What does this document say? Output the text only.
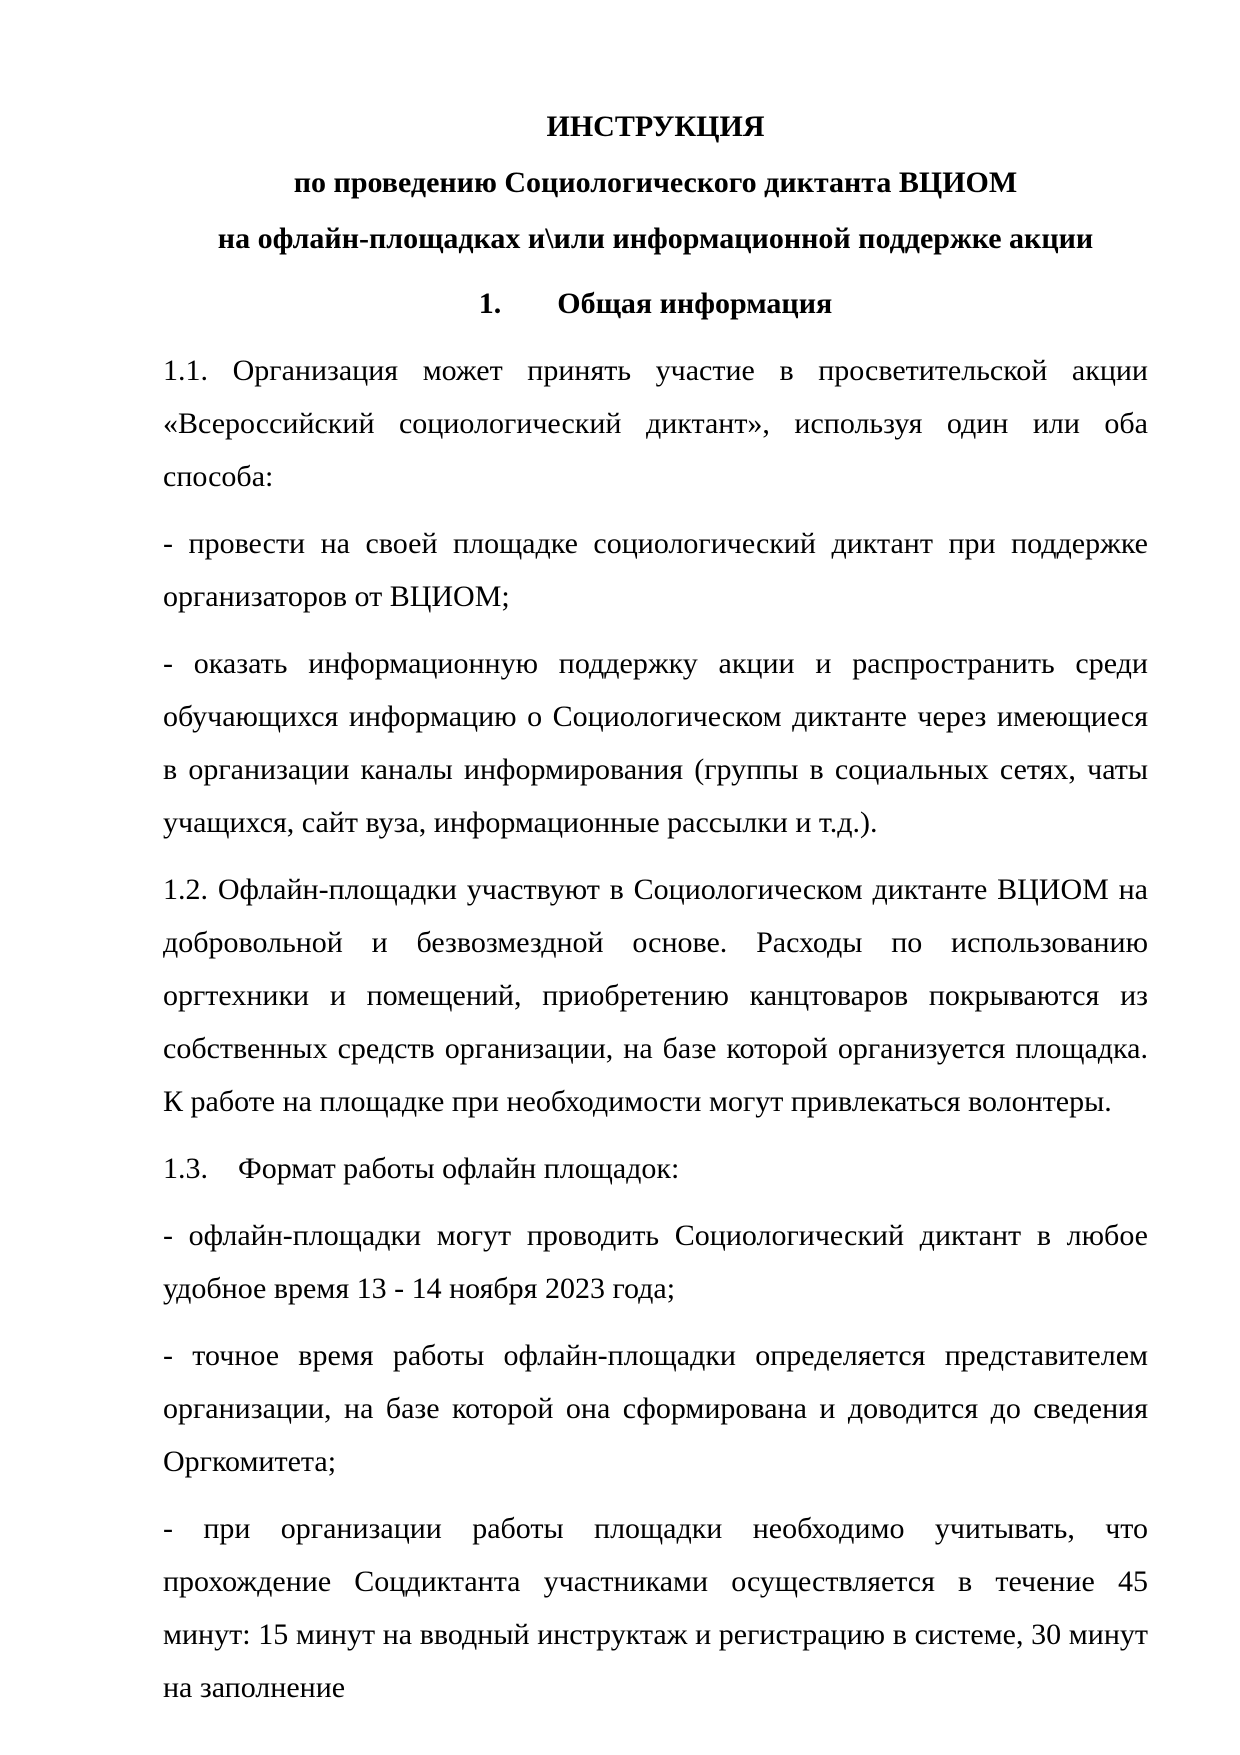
ИНСТРУКЦИЯ

по проведению Социологического диктанта ВЦИОМ

на офлайн-площадках и\или информационной поддержке акции

1. Общая информация

1.1. Организация может принять участие в просветительской акции «Всероссийский социологический диктант», используя один или оба способа:

- провести на своей площадке социологический диктант при поддержке организаторов от ВЦИОМ;

- оказать информационную поддержку акции и распространить среди обучающихся информацию о Социологическом диктанте через имеющиеся в организации каналы информирования (группы в социальных сетях, чаты учащихся, сайт вуза, информационные рассылки и т.д.).

1.2. Офлайн-площадки участвуют в Социологическом диктанте ВЦИОМ на добровольной и безвозмездной основе. Расходы по использованию оргтехники и помещений, приобретению канцтоваров покрываются из собственных средств организации, на базе которой организуется площадка. К работе на площадке при необходимости могут привлекаться волонтеры.

1.3. Формат работы офлайн площадок:

- офлайн-площадки могут проводить Социологический диктант в любое удобное время 13 - 14 ноября 2023 года;

- точное время работы офлайн-площадки определяется представителем организации, на базе которой она сформирована и доводится до сведения Оргкомитета;

- при организации работы площадки необходимо учитывать, что прохождение Соцдиктанта участниками осуществляется в течение 45 минут: 15 минут на вводный инструктаж и регистрацию в системе, 30 минут на заполнение
